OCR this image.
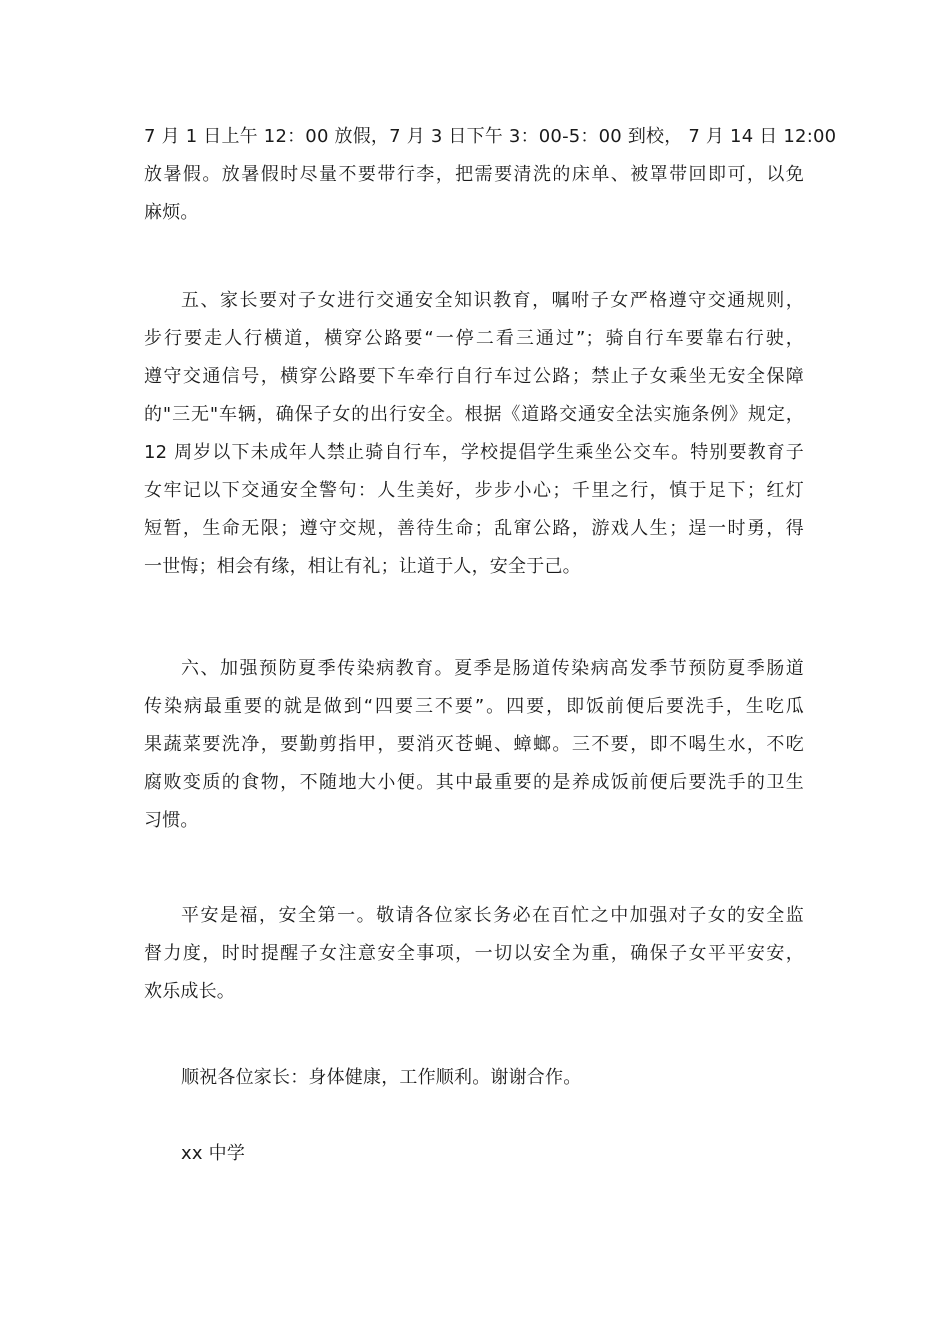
7 月 1 日上午 12：00 放假，7 月 3 日下午 3：00-5：00 到校， 7 月 14 日 12:00
放暑假。放暑假时尽量不要带行李，把需要清洗的床单、被罩带回即可，以免
麻烦。
五、家长要对子女进行交通安全知识教育，嘱咐子女严格遵守交通规则，
步行要走人行横道，横穿公路要“一停二看三通过”；骑自行车要靠右行驶，
遵守交通信号，横穿公路要下车牵行自行车过公路；禁止子女乘坐无安全保障
的"三无"车辆，确保子女的出行安全。根据《道路交通安全法实施条例》规定，
12 周岁以下未成年人禁止骑自行车，学校提倡学生乘坐公交车。特别要教育子
女牢记以下交通安全警句：人生美好，步步小心；千里之行，慎于足下；红灯
短暂，生命无限；遵守交规，善待生命；乱窜公路，游戏人生；逞一时勇，得
一世悔；相会有缘，相让有礼；让道于人，安全于己。
六、加强预防夏季传染病教育。夏季是肠道传染病高发季节预防夏季肠道
传染病最重要的就是做到“四要三不要”。四要，即饭前便后要洗手，生吃瓜
果蔬菜要洗净，要勤剪指甲，要消灭苍蝇、蟑螂。三不要，即不喝生水，不吃
腐败变质的食物，不随地大小便。其中最重要的是养成饭前便后要洗手的卫生
习惯。
平安是福，安全第一。敬请各位家长务必在百忙之中加强对子女的安全监
督力度，时时提醒子女注意安全事项，一切以安全为重，确保子女平平安安，
欢乐成长。
顺祝各位家长：身体健康，工作顺利。谢谢合作。
xx 中学
